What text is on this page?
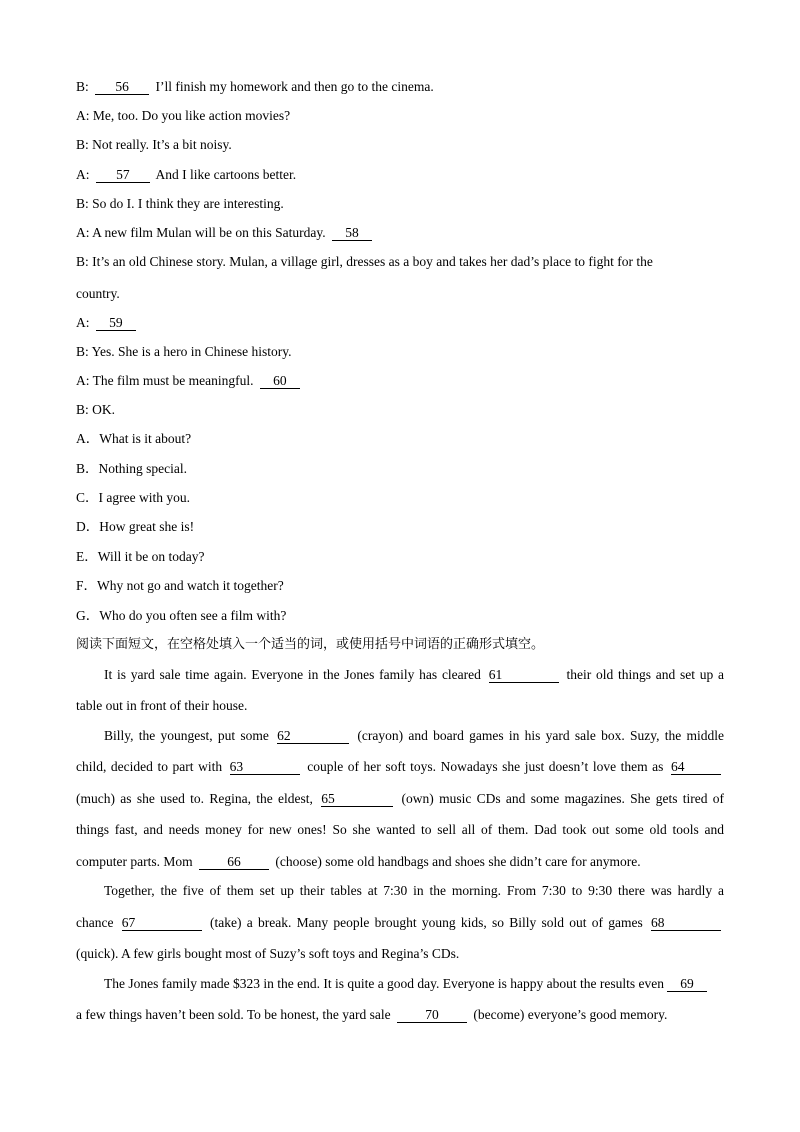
B: 56 I’ll finish my homework and then go to the cinema.
A: Me, too. Do you like action movies?
B: Not really. It’s a bit noisy.
A: 57 And I like cartoons better.
B: So do I. I think they are interesting.
A: A new film Mulan will be on this Saturday. 58
B: It’s an old Chinese story. Mulan, a village girl, dresses as a boy and takes her dad’s place to fight for the
country.
A: 59
B: Yes. She is a hero in Chinese history.
A: The film must be meaningful. 60
B: OK.
A．What is it about?
B．Nothing special.
C．I agree with you.
D．How great she is!
E．Will it be on today?
F．Why not go and watch it together?
G．Who do you often see a film with?
阅读下面短文，在空格处填入一个适当的词，或使用括号中词语的正确形式填空。
It is yard sale time again. Everyone in the Jones family has cleared 61	their old things and set up a
table out in front of their house.
Billy, the youngest, put some 62	(crayon) and board games in his yard sale box. Suzy, the middle
child, decided to part with 63	couple of her soft toys. Nowadays she just doesn’t love them as 64
(much) as she used to. Regina, the eldest, 65	(own) music CDs and some magazines. She gets tired of
things fast, and needs money for new ones! So she wanted to sell all of them. Dad took out some old tools and
computer parts. Mom	66	(choose) some old handbags and shoes she didn’t care for anymore.
Together, the five of them set up their tables at 7:30 in the morning. From 7:30 to 9:30 there was hardly a
chance 67	(take) a break. Many people brought young kids, so Billy sold out of games 68
(quick). A few girls bought most of Suzy’s soft toys and Regina’s CDs.
The Jones family made $323 in the end. It is quite a good day. Everyone is happy about the results even 69
a few things haven’t been sold. To be honest, the yard sale	70	(become) everyone’s good memory.
